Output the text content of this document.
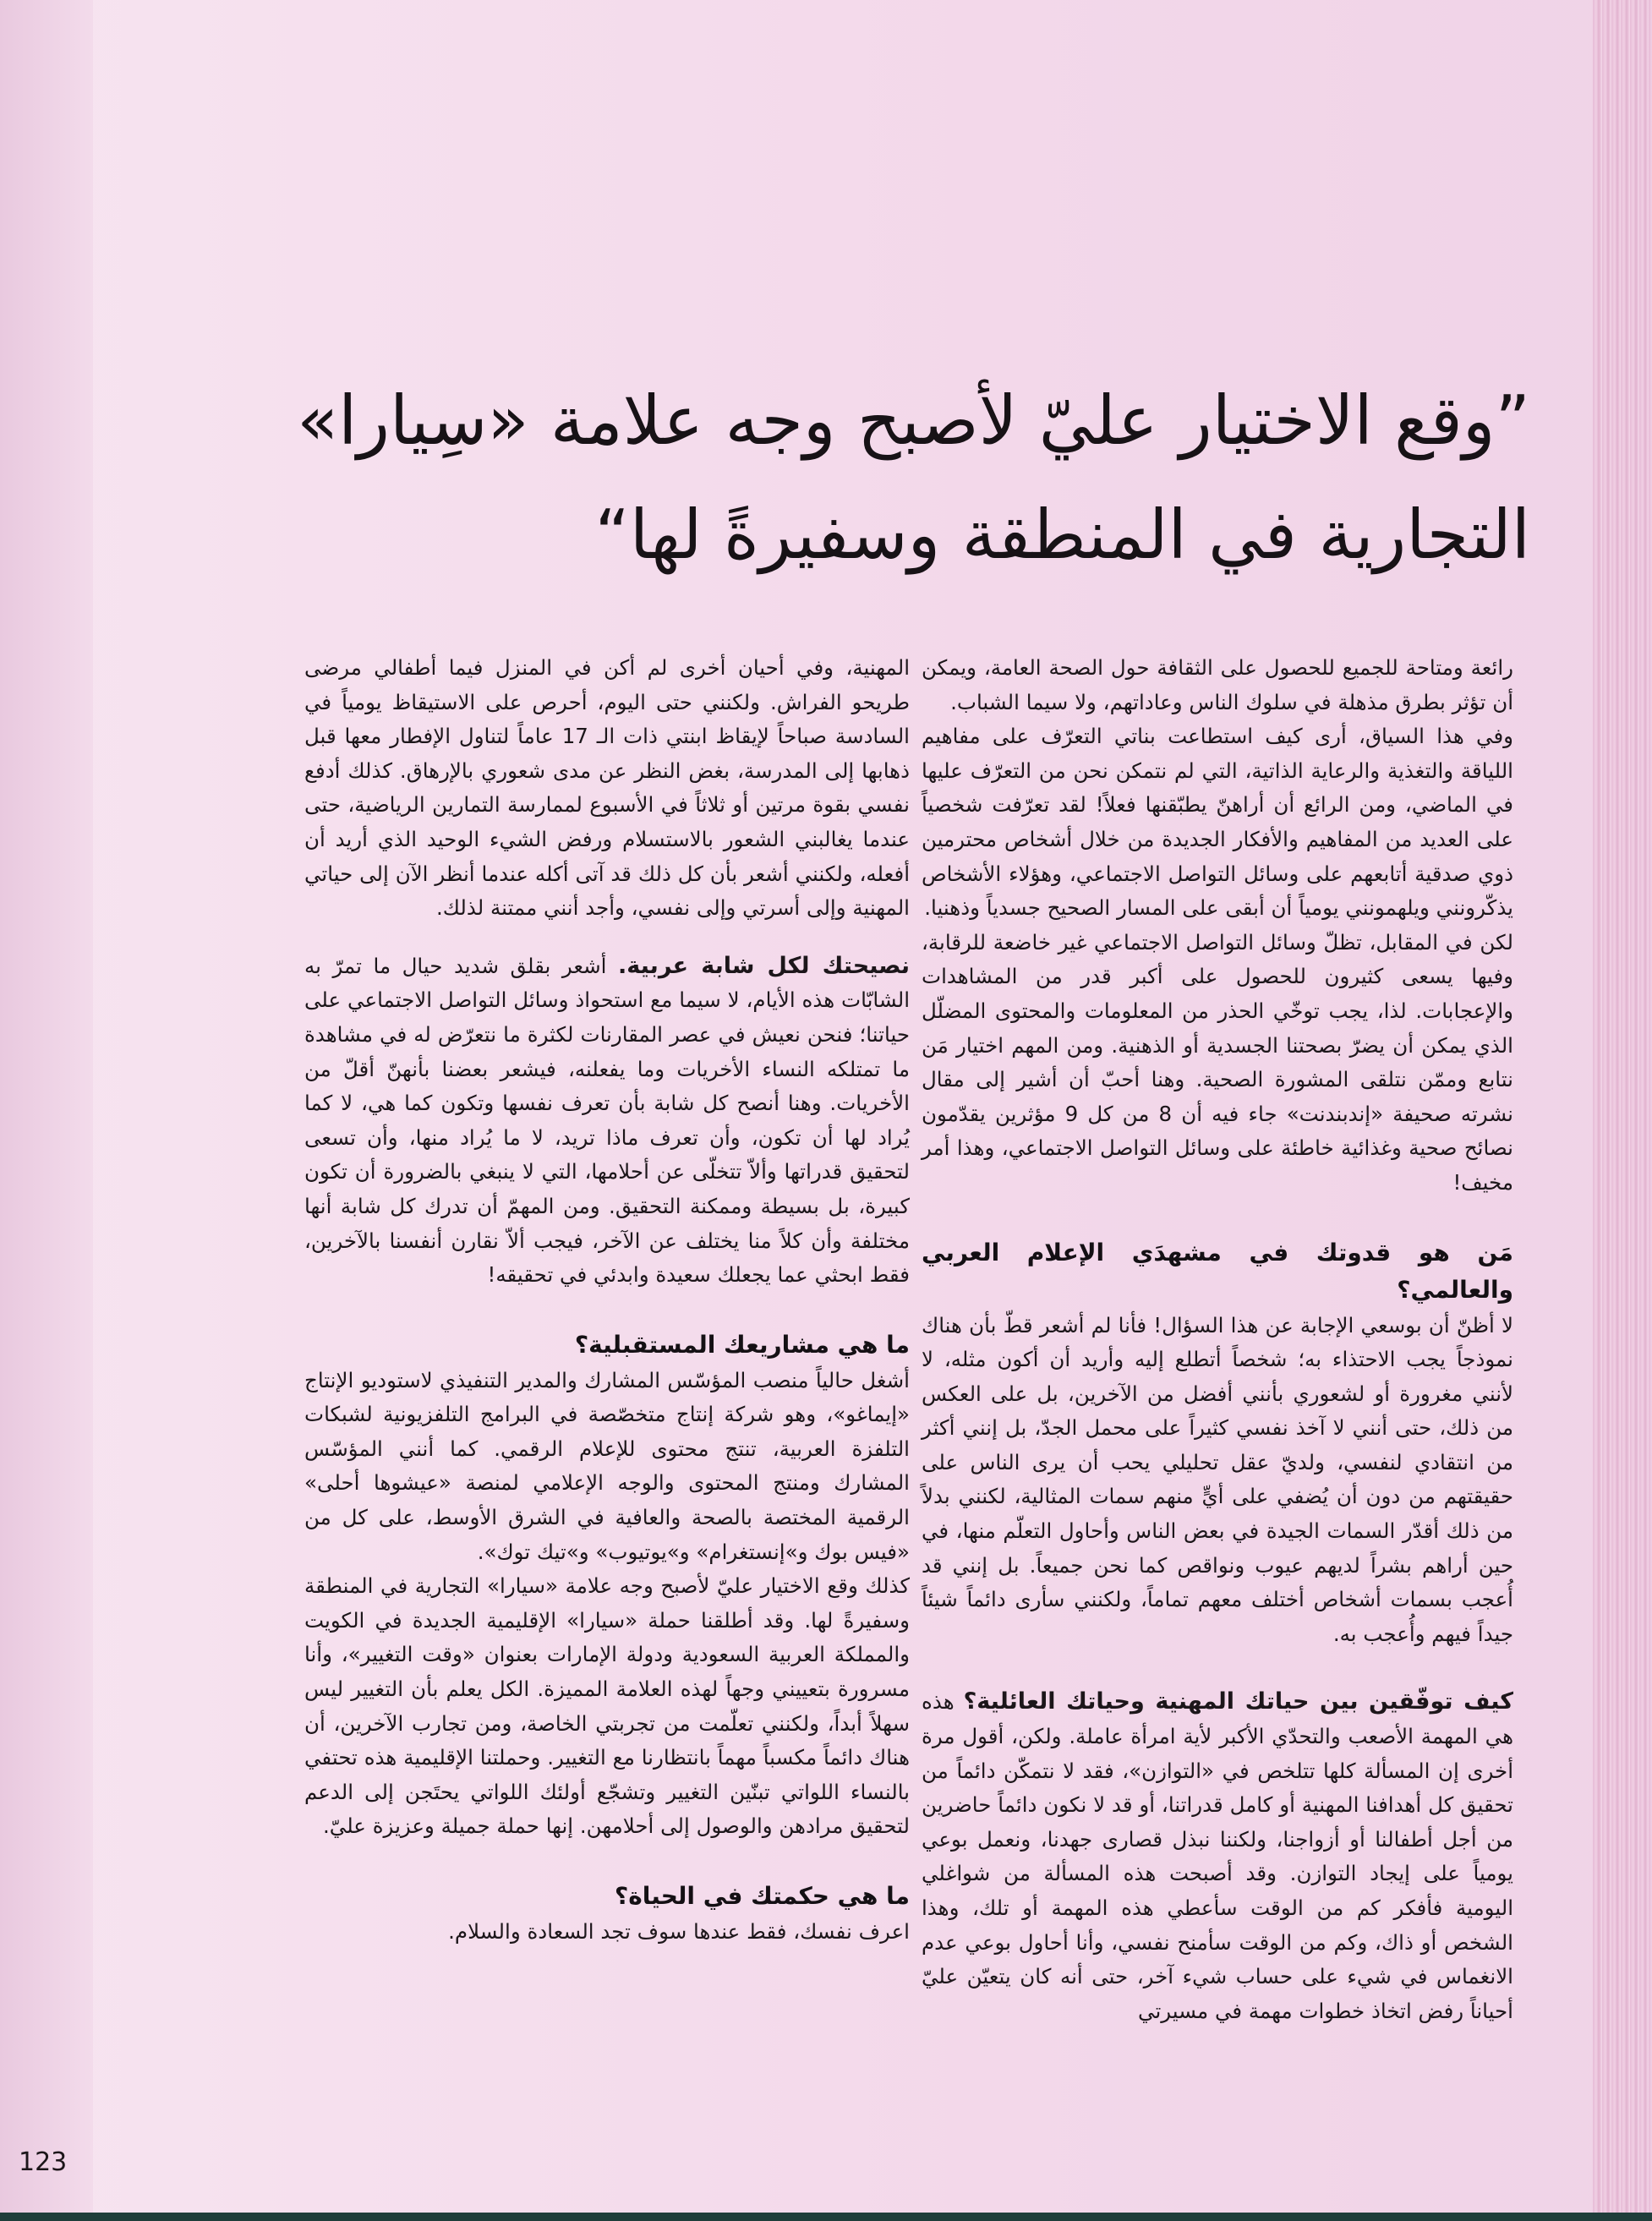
”وقع الاختيار عليّ لأصبح وجه علامة «سِيارا»
التجارية في المنطقة وسفيرةً لها“

رائعة ومتاحة للجميع للحصول على الثقافة حول الصحة العامة، ويمكن أن تؤثر بطرق مذهلة في سلوك الناس وعاداتهم، ولا سيما الشباب.

وفي هذا السياق، أرى كيف استطاعت بناتي التعرّف على مفاهيم اللياقة والتغذية والرعاية الذاتية، التي لم نتمكن نحن من التعرّف عليها في الماضي، ومن الرائع أن أراهنّ يطبّقنها فعلاً! لقد تعرّفت شخصياً على العديد من المفاهيم والأفكار الجديدة من خلال أشخاص محترمين ذوي صدقية أتابعهم على وسائل التواصل الاجتماعي، وهؤلاء الأشخاص يذكّرونني ويلهمونني يومياً أن أبقى على المسار الصحيح جسدياً وذهنيا.

لكن في المقابل، تظلّ وسائل التواصل الاجتماعي غير خاضعة للرقابة، وفيها يسعى كثيرون للحصول على أكبر قدر من المشاهدات والإعجابات. لذا، يجب توخّي الحذر من المعلومات والمحتوى المضلّل الذي يمكن أن يضرّ بصحتنا الجسدية أو الذهنية. ومن المهم اختيار مَن نتابع وممّن نتلقى المشورة الصحية. وهنا أحبّ أن أشير إلى مقال نشرته صحيفة «إندبندنت» جاء فيه أن 8 من كل 9 مؤثرين يقدّمون نصائح صحية وغذائية خاطئة على وسائل التواصل الاجتماعي، وهذا أمر مخيف!

مَن هو قدوتك في مشهدَي الإعلام العربي والعالمي؟

لا أظنّ أن بوسعي الإجابة عن هذا السؤال! فأنا لم أشعر قطّ بأن هناك نموذجاً يجب الاحتذاء به؛ شخصاً أتطلع إليه وأريد أن أكون مثله، لا لأنني مغرورة أو لشعوري بأنني أفضل من الآخرين، بل على العكس من ذلك، حتى أنني لا آخذ نفسي كثيراً على محمل الجدّ، بل إنني أكثر من انتقادي لنفسي، ولديّ عقل تحليلي يحب أن يرى الناس على حقيقتهم من دون أن يُضفي على أيٍّ منهم سمات المثالية، لكنني بدلاً من ذلك أقدّر السمات الجيدة في بعض الناس وأحاول التعلّم منها، في حين أراهم بشراً لديهم عيوب ونواقص كما نحن جميعاً. بل إنني قد أُعجب بسمات أشخاص أختلف معهم تماماً، ولكنني سأرى دائماً شيئاً جيداً فيهم وأُعجب به.

كيف توفّقين بين حياتك المهنية وحياتك العائلية؟ هذه هي المهمة الأصعب والتحدّي الأكبر لأية امرأة عاملة. ولكن، أقول مرة أخرى إن المسألة كلها تتلخص في «التوازن»، فقد لا نتمكّن دائماً من تحقيق كل أهدافنا المهنية أو كامل قدراتنا، أو قد لا نكون دائماً حاضرين من أجل أطفالنا أو أزواجنا، ولكننا نبذل قصارى جهدنا، ونعمل بوعي يومياً على إيجاد التوازن. وقد أصبحت هذه المسألة من شواغلي اليومية فأفكر كم من الوقت سأعطي هذه المهمة أو تلك، وهذا الشخص أو ذاك، وكم من الوقت سأمنح نفسي، وأنا أحاول بوعي عدم الانغماس في شيء على حساب شيء آخر، حتى أنه كان يتعيّن عليّ أحياناً رفض اتخاذ خطوات مهمة في مسيرتي

المهنية، وفي أحيان أخرى لم أكن في المنزل فيما أطفالي مرضى طريحو الفراش. ولكنني حتى اليوم، أحرص على الاستيقاظ يومياً في السادسة صباحاً لإيقاظ ابنتي ذات الـ 17 عاماً لتناول الإفطار معها قبل ذهابها إلى المدرسة، بغض النظر عن مدى شعوري بالإرهاق. كذلك أدفع نفسي بقوة مرتين أو ثلاثاً في الأسبوع لممارسة التمارين الرياضية، حتى عندما يغالبني الشعور بالاستسلام ورفض الشيء الوحيد الذي أريد أن أفعله، ولكنني أشعر بأن كل ذلك قد آتى أكله عندما أنظر الآن إلى حياتي المهنية وإلى أسرتي وإلى نفسي، وأجد أنني ممتنة لذلك.

نصيحتك لكل شابة عربية. أشعر بقلق شديد حيال ما تمرّ به الشابّات هذه الأيام، لا سيما مع استحواذ وسائل التواصل الاجتماعي على حياتنا؛ فنحن نعيش في عصر المقارنات لكثرة ما نتعرّض له في مشاهدة ما تمتلكه النساء الأخريات وما يفعلنه، فيشعر بعضنا بأنهنّ أقلّ من الأخريات. وهنا أنصح كل شابة بأن تعرف نفسها وتكون كما هي، لا كما يُراد لها أن تكون، وأن تعرف ماذا تريد، لا ما يُراد منها، وأن تسعى لتحقيق قدراتها وألاّ تتخلّى عن أحلامها، التي لا ينبغي بالضرورة أن تكون كبيرة، بل بسيطة وممكنة التحقيق. ومن المهمّ أن تدرك كل شابة أنها مختلفة وأن كلاً منا يختلف عن الآخر، فيجب ألاّ نقارن أنفسنا بالآخرين، فقط ابحثي عما يجعلك سعيدة وابدئي في تحقيقه!

ما هي مشاريعك المستقبلية؟

أشغل حالياً منصب المؤسّس المشارك والمدير التنفيذي لاستوديو الإنتاج «إيماغو»، وهو شركة إنتاج متخصّصة في البرامج التلفزيونية لشبكات التلفزة العربية، تنتج محتوى للإعلام الرقمي. كما أنني المؤسّس المشارك ومنتج المحتوى والوجه الإعلامي لمنصة «عيشوها أحلى» الرقمية المختصة بالصحة والعافية في الشرق الأوسط، على كل من «فيس بوك و»إنستغرام» و»يوتيوب» و»تيك توك».

كذلك وقع الاختيار عليّ لأصبح وجه علامة «سيارا» التجارية في المنطقة وسفيرةً لها. وقد أطلقنا حملة «سيارا» الإقليمية الجديدة في الكويت والمملكة العربية السعودية ودولة الإمارات بعنوان «وقت التغيير»، وأنا مسرورة بتعييني وجهاً لهذه العلامة المميزة. الكل يعلم بأن التغيير ليس سهلاً أبداً، ولكنني تعلّمت من تجربتي الخاصة، ومن تجارب الآخرين، أن هناك دائماً مكسباً مهماً بانتظارنا مع التغيير. وحملتنا الإقليمية هذه تحتفي بالنساء اللواتي تبنّين التغيير وتشجّع أولئك اللواتي يحتَجن إلى الدعم لتحقيق مرادهن والوصول إلى أحلامهن. إنها حملة جميلة وعزيزة عليّ.

ما هي حكمتك في الحياة؟

اعرف نفسك، فقط عندها سوف تجد السعادة والسلام.

123
